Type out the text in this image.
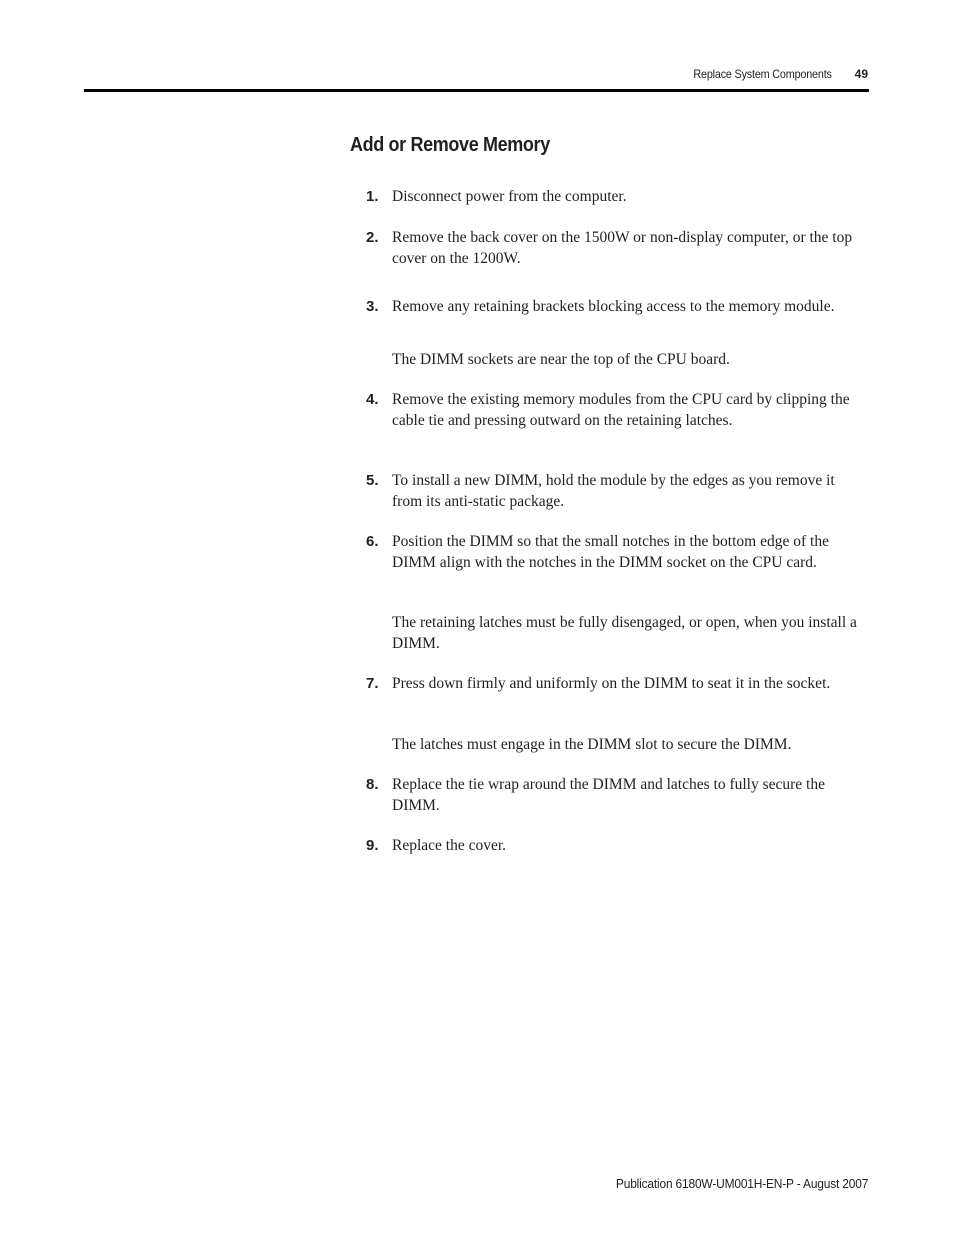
Replace System Components 49
Add or Remove Memory
1. Disconnect power from the computer.
2. Remove the back cover on the 1500W or non-display computer, or the top cover on the 1200W.
3. Remove any retaining brackets blocking access to the memory module.
The DIMM sockets are near the top of the CPU board.
4. Remove the existing memory modules from the CPU card by clipping the cable tie and pressing outward on the retaining latches.
5. To install a new DIMM, hold the module by the edges as you remove it from its anti-static package.
6. Position the DIMM so that the small notches in the bottom edge of the DIMM align with the notches in the DIMM socket on the CPU card.
The retaining latches must be fully disengaged, or open, when you install a DIMM.
7. Press down firmly and uniformly on the DIMM to seat it in the socket.
The latches must engage in the DIMM slot to secure the DIMM.
8. Replace the tie wrap around the DIMM and latches to fully secure the DIMM.
9. Replace the cover.
Publication 6180W-UM001H-EN-P - August 2007
